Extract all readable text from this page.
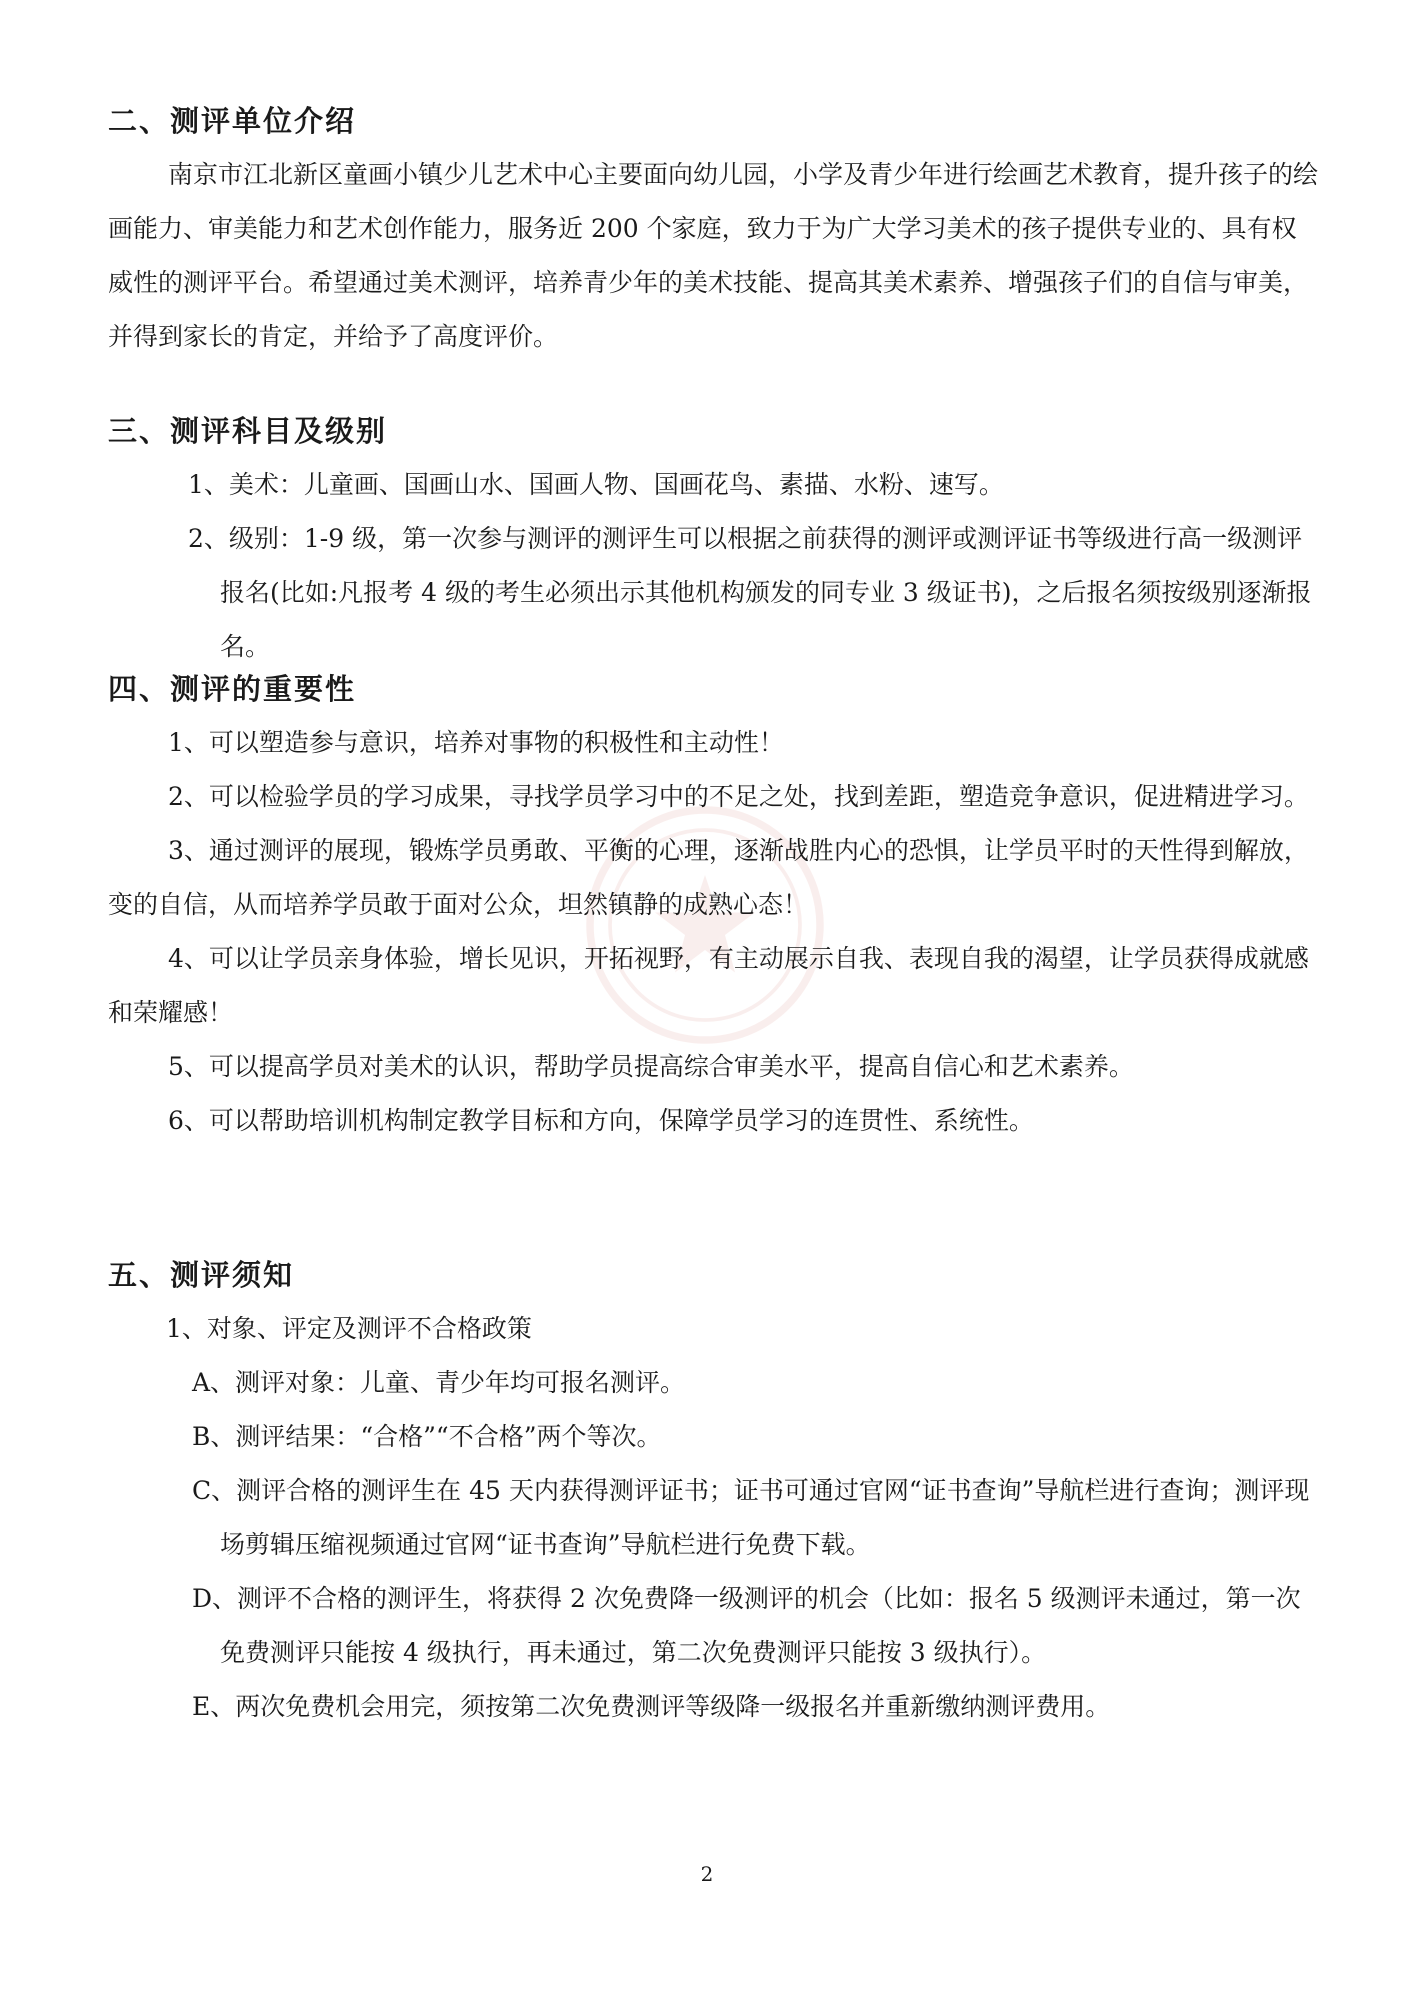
二、测评单位介绍

南京市江北新区童画小镇少儿艺术中心主要面向幼儿园，小学及青少年进行绘画艺术教育，提升孩子的绘画能力、审美能力和艺术创作能力，服务近 200 个家庭，致力于为广大学习美术的孩子提供专业的、具有权威性的测评平台。希望通过美术测评，培养青少年的美术技能、提高其美术素养、增强孩子们的自信与审美，并得到家长的肯定，并给予了高度评价。

三、测评科目及级别

1、美术：儿童画、国画山水、国画人物、国画花鸟、素描、水粉、速写。

2、级别：1-9 级，第一次参与测评的测评生可以根据之前获得的测评或测评证书等级进行高一级测评报名(比如:凡报考 4 级的考生必须出示其他机构颁发的同专业 3 级证书)，之后报名须按级别逐渐报名。

四、测评的重要性

1、可以塑造参与意识，培养对事物的积极性和主动性！

2、可以检验学员的学习成果，寻找学员学习中的不足之处，找到差距，塑造竞争意识，促进精进学习。

3、通过测评的展现，锻炼学员勇敢、平衡的心理，逐渐战胜内心的恐惧，让学员平时的天性得到解放，变的自信，从而培养学员敢于面对公众，坦然镇静的成熟心态！

4、可以让学员亲身体验，增长见识，开拓视野，有主动展示自我、表现自我的渴望，让学员获得成就感和荣耀感！

5、可以提高学员对美术的认识，帮助学员提高综合审美水平，提高自信心和艺术素养。

6、可以帮助培训机构制定教学目标和方向，保障学员学习的连贯性、系统性。

五、测评须知

1、对象、评定及测评不合格政策

A、测评对象：儿童、青少年均可报名测评。

B、测评结果：“合格”“不合格”两个等次。

C、测评合格的测评生在 45 天内获得测评证书；证书可通过官网“证书查询”导航栏进行查询；测评现场剪辑压缩视频通过官网“证书查询”导航栏进行免费下载。

D、测评不合格的测评生，将获得 2 次免费降一级测评的机会（比如：报名 5 级测评未通过，第一次免费测评只能按 4 级执行，再未通过，第二次免费测评只能按 3 级执行）。

E、两次免费机会用完，须按第二次免费测评等级降一级报名并重新缴纳测评费用。

2
